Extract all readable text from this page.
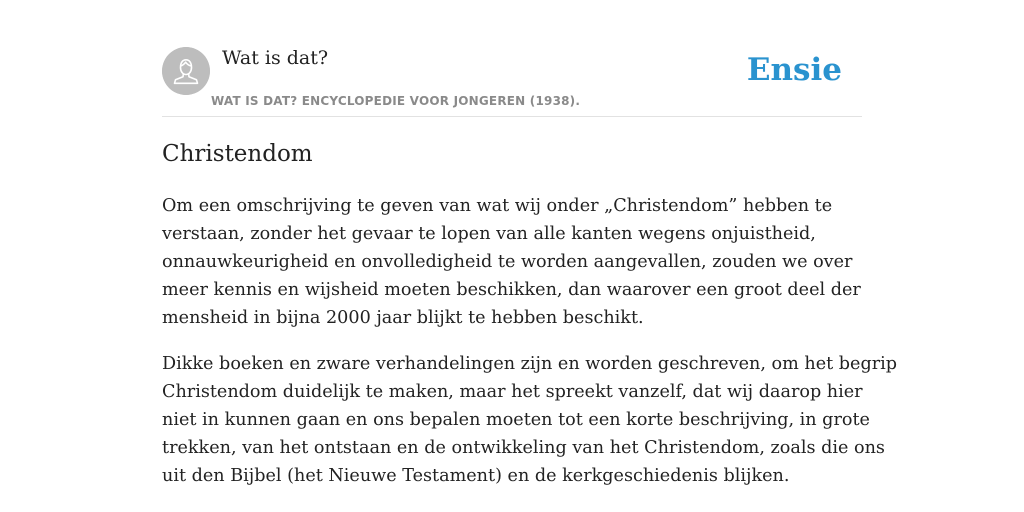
Wat is dat?
WAT IS DAT? ENCYCLOPEDIE VOOR JONGEREN (1938).
Ensie
Christendom

Om een omschrijving te geven van wat wij onder „Christendom” hebben te
verstaan, zonder het gevaar te lopen van alle kanten wegens onjuistheid,
onnauwkeurigheid en onvolledigheid te worden aangevallen, zouden we over
meer kennis en wijsheid moeten beschikken, dan waarover een groot deel der
mensheid in bijna 2000 jaar blijkt te hebben beschikt.

Dikke boeken en zware verhandelingen zijn en worden geschreven, om het begrip
Christendom duidelijk te maken, maar het spreekt vanzelf, dat wij daarop hier
niet in kunnen gaan en ons bepalen moeten tot een korte beschrijving, in grote
trekken, van het ontstaan en de ontwikkeling van het Christendom, zoals die ons
uit den Bijbel (het Nieuwe Testament) en de kerkgeschiedenis blijken.
